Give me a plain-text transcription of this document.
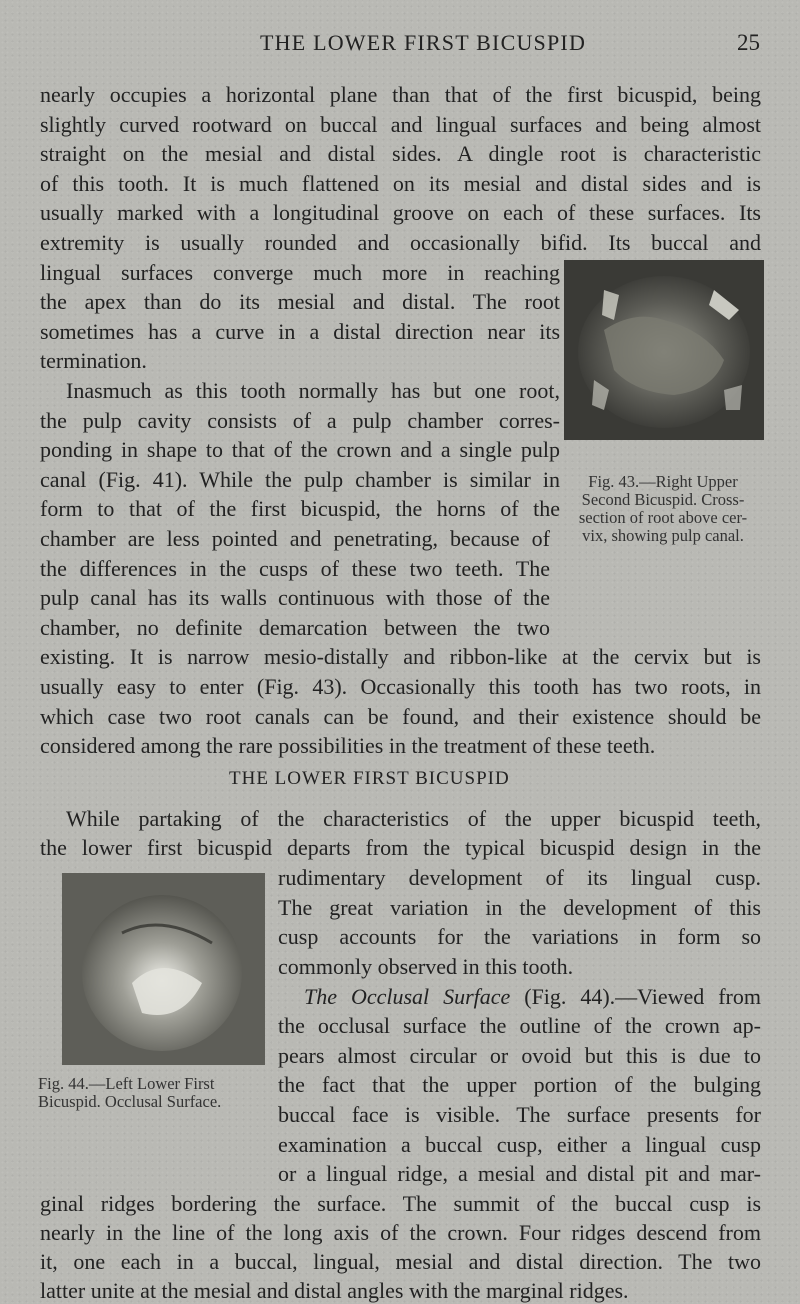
THE LOWER FIRST BICUSPID	25
nearly occupies a horizontal plane than that of the first bicuspid, being
slightly curved rootward on buccal and lingual surfaces and being almost
straight on the mesial and distal sides. A dingle root is characteristic
of this tooth. It is much flattened on its mesial and distal sides and is
usually marked with a longitudinal groove on each of these surfaces. Its
extremity is usually rounded and occasionally bifid. Its buccal and
lingual surfaces converge much more in reaching
the apex than do its mesial and distal. The root
sometimes has a curve in a distal direction near its
termination.
Inasmuch as this tooth normally has but one root,
the pulp cavity consists of a pulp chamber corres-
ponding in shape to that of the crown and a single pulp
canal (Fig. 41). While the pulp chamber is similar in
form to that of the first bicuspid, the horns of the
chamber are less pointed and penetrating, because of
the differences in the cusps of these two teeth. The
pulp canal has its walls continuous with those of the
chamber, no definite demarcation between the two
existing. It is narrow mesio-distally and ribbon-like at the cervix but is
usually easy to enter (Fig. 43). Occasionally this tooth has two roots, in
which case two root canals can be found, and their existence should be
considered among the rare possibilities in the treatment of these teeth.
Fig. 43.—Right Upper
Second Bicuspid. Cross-
section of root above cer-
vix, showing pulp canal.
THE LOWER FIRST BICUSPID
While partaking of the characteristics of the upper bicuspid teeth,
the lower first bicuspid departs from the typical bicuspid design in the
rudimentary development of its lingual cusp.
The great variation in the development of this
cusp accounts for the variations in form so
commonly observed in this tooth.
The Occlusal Surface (Fig. 44).—Viewed from
the occlusal surface the outline of the crown ap-
pears almost circular or ovoid but this is due to
the fact that the upper portion of the bulging
buccal face is visible. The surface presents for
examination a buccal cusp, either a lingual cusp
or a lingual ridge, a mesial and distal pit and mar-
ginal ridges bordering the surface. The summit of the buccal cusp is
Fig. 44.—Left Lower First
Bicuspid. Occlusal Surface.
nearly in the line of the long axis of the crown. Four ridges descend from
it, one each in a buccal, lingual, mesial and distal direction. The two
latter unite at the mesial and distal angles with the marginal ridges.
